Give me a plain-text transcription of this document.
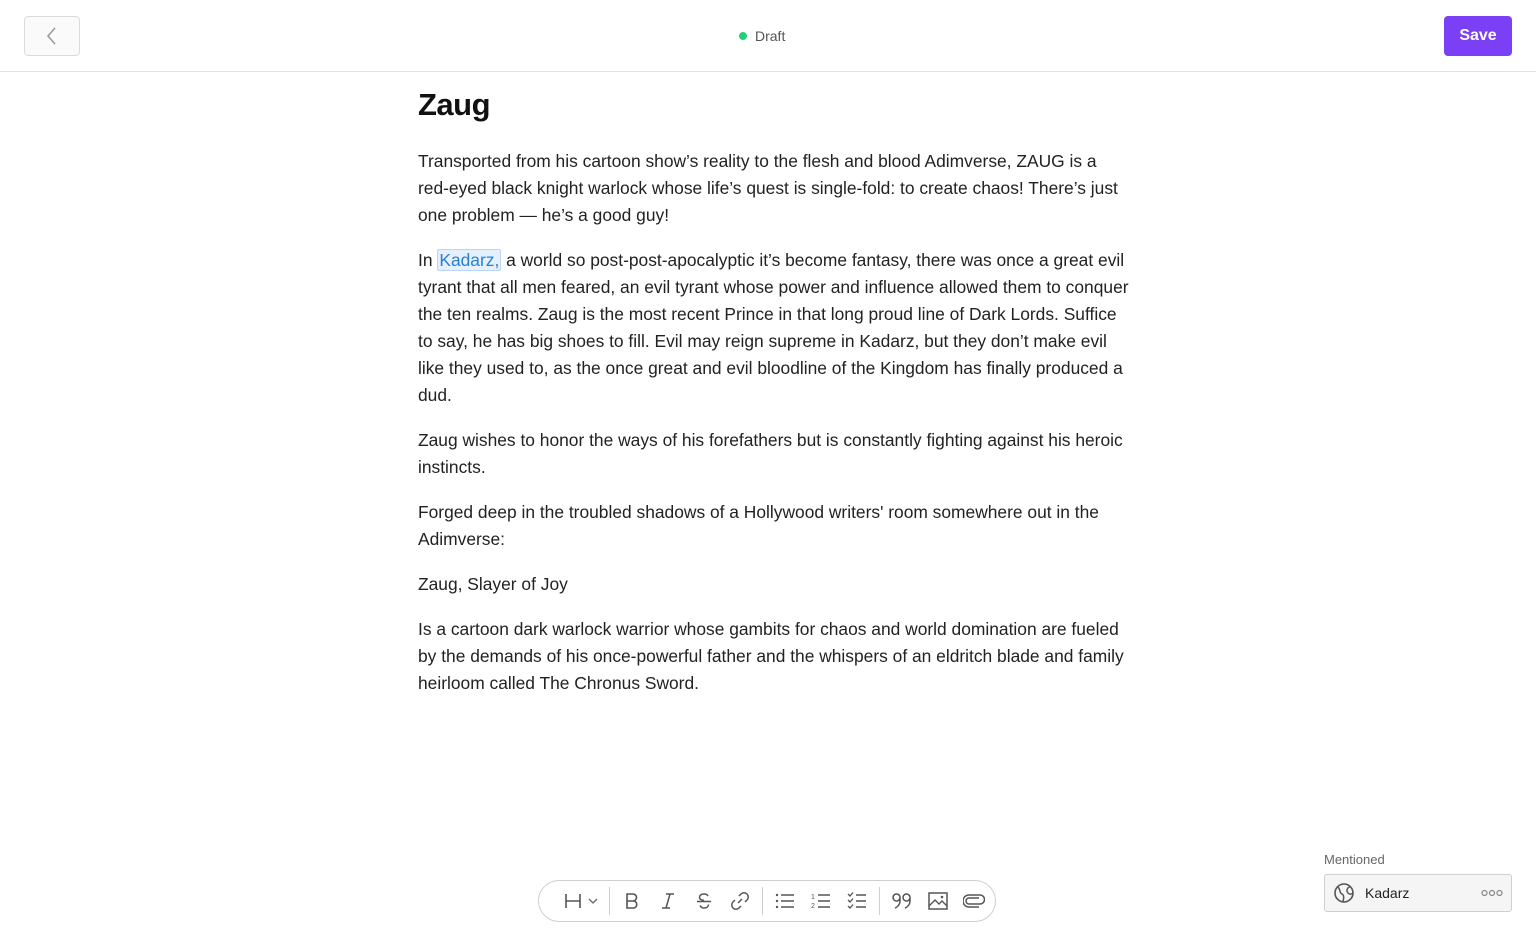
Draft	Save
Zaug

Transported from his cartoon show’s reality to the flesh and blood Adimverse, ZAUG is a red-eyed black knight warlock whose life’s quest is single-fold: to create chaos! There’s just one problem — he’s a good guy!

In Kadarz, a world so post-post-apocalyptic it’s become fantasy, there was once a great evil tyrant that all men feared, an evil tyrant whose power and influence allowed them to conquer the ten realms. Zaug is the most recent Prince in that long proud line of Dark Lords. Suffice to say, he has big shoes to fill. Evil may reign supreme in Kadarz, but they don’t make evil like they used to, as the once great and evil bloodline of the Kingdom has finally produced a dud.

Zaug wishes to honor the ways of his forefathers but is constantly fighting against his heroic instincts.

Forged deep in the troubled shadows of a Hollywood writers' room somewhere out in the Adimverse:

Zaug, Slayer of Joy

Is a cartoon dark warlock warrior whose gambits for chaos and world domination are fueled by the demands of his once-powerful father and the whispers of an eldritch blade and family heirloom called The Chronus Sword.

1
2
Mentioned
Kadarz
